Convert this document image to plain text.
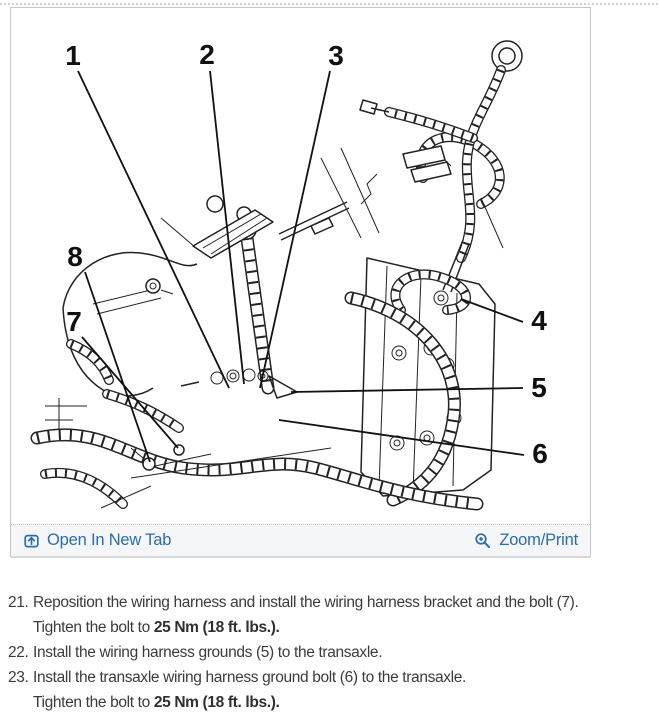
1	2	3
4
5
6
7
8
Open In New Tab	Zoom/Print
21. Reposition the wiring harness and install the wiring harness bracket and the bolt (7).
Tighten the bolt to 25 Nm (18 ft. lbs.).
22. Install the wiring harness grounds (5) to the transaxle.
23. Install the transaxle wiring harness ground bolt (6) to the transaxle.
Tighten the bolt to 25 Nm (18 ft. lbs.).
